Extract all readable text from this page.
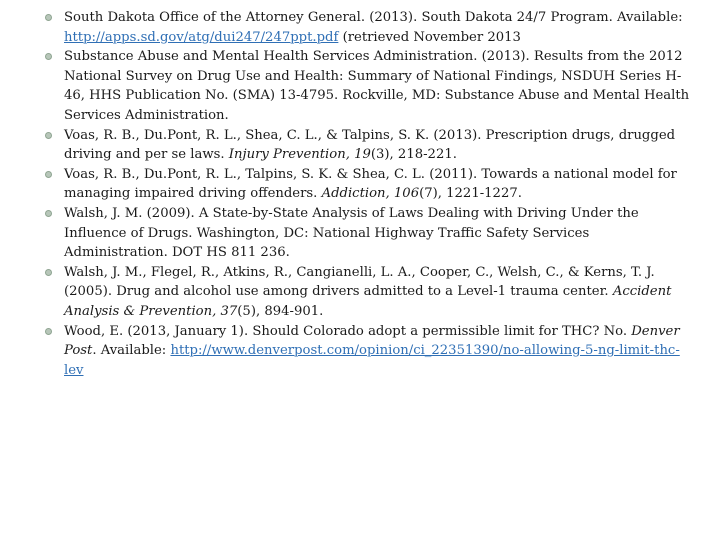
South Dakota Office of the Attorney General. (2013). South Dakota 24/7 Program. Available: http://apps.sd.gov/atg/dui247/247ppt.pdf (retrieved November 2013
Substance Abuse and Mental Health Services Administration. (2013). Results from the 2012 National Survey on Drug Use and Health: Summary of National Findings, NSDUH Series H-46, HHS Publication No. (SMA) 13-4795. Rockville, MD: Substance Abuse and Mental Health Services Administration.
Voas, R. B., Du.Pont, R. L., Shea, C. L., & Talpins, S. K. (2013). Prescription drugs, drugged driving and per se laws. Injury Prevention, 19(3), 218-221.
Voas, R. B., Du.Pont, R. L., Talpins, S. K. & Shea, C. L. (2011). Towards a national model for managing impaired driving offenders. Addiction, 106(7), 1221-1227.
Walsh, J. M. (2009). A State-by-State Analysis of Laws Dealing with Driving Under the Influence of Drugs. Washington, DC: National Highway Traffic Safety Services Administration. DOT HS 811 236.
Walsh, J. M., Flegel, R., Atkins, R., Cangianelli, L. A., Cooper, C., Welsh, C., & Kerns, T. J. (2005). Drug and alcohol use among drivers admitted to a Level-1 trauma center. Accident Analysis & Prevention, 37(5), 894-901.
Wood, E. (2013, January 1). Should Colorado adopt a permissible limit for THC? No. Denver Post. Available: http://www.denverpost.com/opinion/ci_22351390/no-allowing-5-ng-limit-thc-lev
